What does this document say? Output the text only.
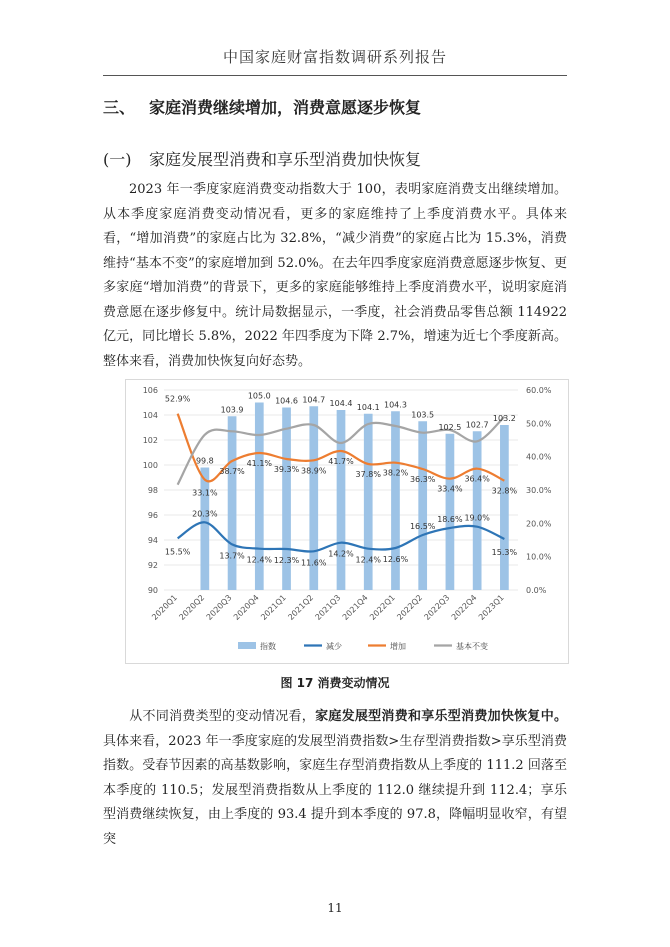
中国家庭财富指数调研系列报告
三、 家庭消费继续增加，消费意愿逐步恢复
(一) 家庭发展型消费和享乐型消费加快恢复
2023 年一季度家庭消费变动指数大于 100，表明家庭消费支出继续增加。从本季度家庭消费变动情况看，更多的家庭维持了上季度消费水平。具体来看，“增加消费”的家庭占比为 32.8%，“减少消费”的家庭占比为 15.3%，消费维持“基本不变”的家庭增加到 52.0%。在去年四季度家庭消费意愿逐步恢复、更多家庭“增加消费”的背景下，更多的家庭能够维持上季度消费水平，说明家庭消费意愿在逐步修复中。统计局数据显示，一季度，社会消费品零售总额 114922 亿元，同比增长 5.8%，2022 年四季度为下降 2.7%，增速为近七个季度新高。整体来看，消费加快恢复向好态势。
90
92
94
96
98
100
102
104
106
0.0%
10.0%
20.0%
30.0%
40.0%
50.0%
60.0%
99.8
103.9
105.0
104.6 104.7 104.4 104.1 104.3
103.5
102.5 102.7
103.2
52.9%
33.1%
38.7%
41.1%
39.3% 38.9%
41.7%
37.8% 38.2%
36.3%
33.4%
36.4%
32.8%
15.5%
20.3%
13.7% 12.4% 12.3% 11.6%
14.2%
12.4% 12.6%
16.5%
18.6% 19.0%
15.3%
2020Q1
2020Q2
2020Q3
2020Q4
2021Q1
2021Q2
2021Q3
2021Q4
2022Q1
2022Q2
2022Q3
2022Q4
2023Q1
指数	减少	增加	基本不变
图 17 消费变动情况
从不同消费类型的变动情况看，家庭发展型消费和享乐型消费加快恢复中。具体来看，2023 年一季度家庭的发展型消费指数>生存型消费指数>享乐型消费指数。受春节因素的高基数影响，家庭生存型消费指数从上季度的 111.2 回落至本季度的 110.5；发展型消费指数从上季度的 112.0 继续提升到 112.4；享乐型消费继续恢复，由上季度的 93.4 提升到本季度的 97.8，降幅明显收窄，有望突
11
